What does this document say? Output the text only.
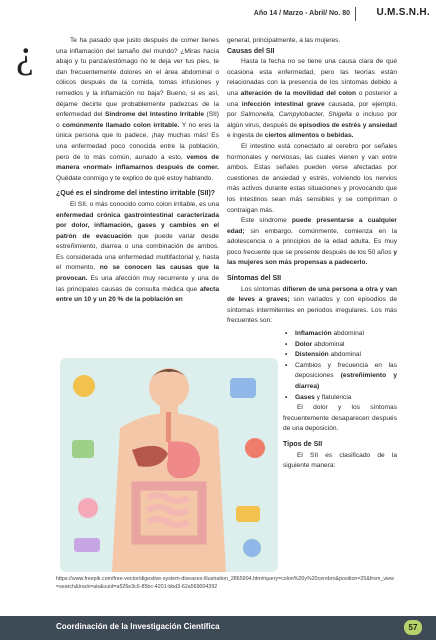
Año 14 / Marzo - Abril/ No. 80	U.M.S.N.H.
¿	Te ha pasado que justo después de comer tienes una inflamación del tamaño del mundo? ¿Miras hacia abajo y tu panza/estómago no te deja ver tus pies, te dan frecuentemente dolores en el área abdominal o cólicos después de la comida, tomas infusiones y remedios y la inflamación no baja? Bueno, si es así, déjame decirte que probablemente padezcas de la enfermedad del Síndrome del Intestino Irritable (SII) o comúnmente llamado colon irritable. Y no eres la única persona que lo padece, ¡hay muchas más! Es una enfermedad poco conocida entre la población, pero de lo más común, aunado a esto, vemos de manera «normal» inflamarnos después de comer. Quédate conmigo y te explico de qué estoy hablando.

¿Qué es el síndrome del intestino irritable (SII)?

El SII, o más conocido como colon irritable, es una enfermedad crónica gastrointestinal caracterizada por dolor, inflamación, gases y cambios en el patrón de evacuación que puede variar desde estreñimiento, diarrea o una combinación de ambos. Es considerada una enfermedad multifactorial y, hasta el momento, no se conocen las causas que la provocan. Es una afección muy recurrente y una de las principales causas de consulta médica que afecta entre un 10 y un 20 % de la población en

general, principalmente, a las mujeres.

Causas del SII

Hasta la fecha no se tiene una causa clara de qué ocasiona esta enfermedad, pero las teorías están relacionadas con la presencia de los síntomas debido a una alteración de la movilidad del colon o posterior a una infección intestinal grave causada, por ejemplo, por Salmonella, Campylobacter, Shigella o incluso por algún virus, después de episodios de estrés y ansiedad e ingesta de ciertos alimentos o bebidas.

El intestino está conectado al cerebro por señales hormonales y nerviosas, las cuales vienen y van entre ambos. Estas señales pueden verse afectadas por cuestiones de ansiedad y estrés, volviendo los nervios más activos durante estas situaciones y provocando que los intestinos sean más sensibles y se compriman o contraigan más.

Este síndrome puede presentarse a cualquier edad; sin embargo, comúnmente, comienza en la adolescencia o a principios de la edad adulta. Es muy poco frecuente que se presente después de los 50 años y las mujeres son más propensas a padecerlo.

Síntomas del SII

Los síntomas difieren de una persona a otra y van de leves a graves; son variados y con episodios de síntomas intermitentes en periodos irregulares. Los más frecuentes son:

• Inflamación abdominal
• Dolor abdominal
• Distensión abdominal
• Cambios y frecuencia en las deposiciones (estreñimiento y diarrea)
• Gases y flatulencia

El dolor y los síntomas frecuentemente desaparecen después de una deposición.

Tipos de SII

El SII es clasificado de la siguiente manera:

https://www.freepik.com/free-vector/digestive-system-diseases-illustration_2865904.htm#query=colon%20y%20cerebro&position=25&from_view=search&track=ais&uuid=a526e3c6-85bc-4201-bbd3-62a569004392
Coordinación de la Investigación Científica	57
